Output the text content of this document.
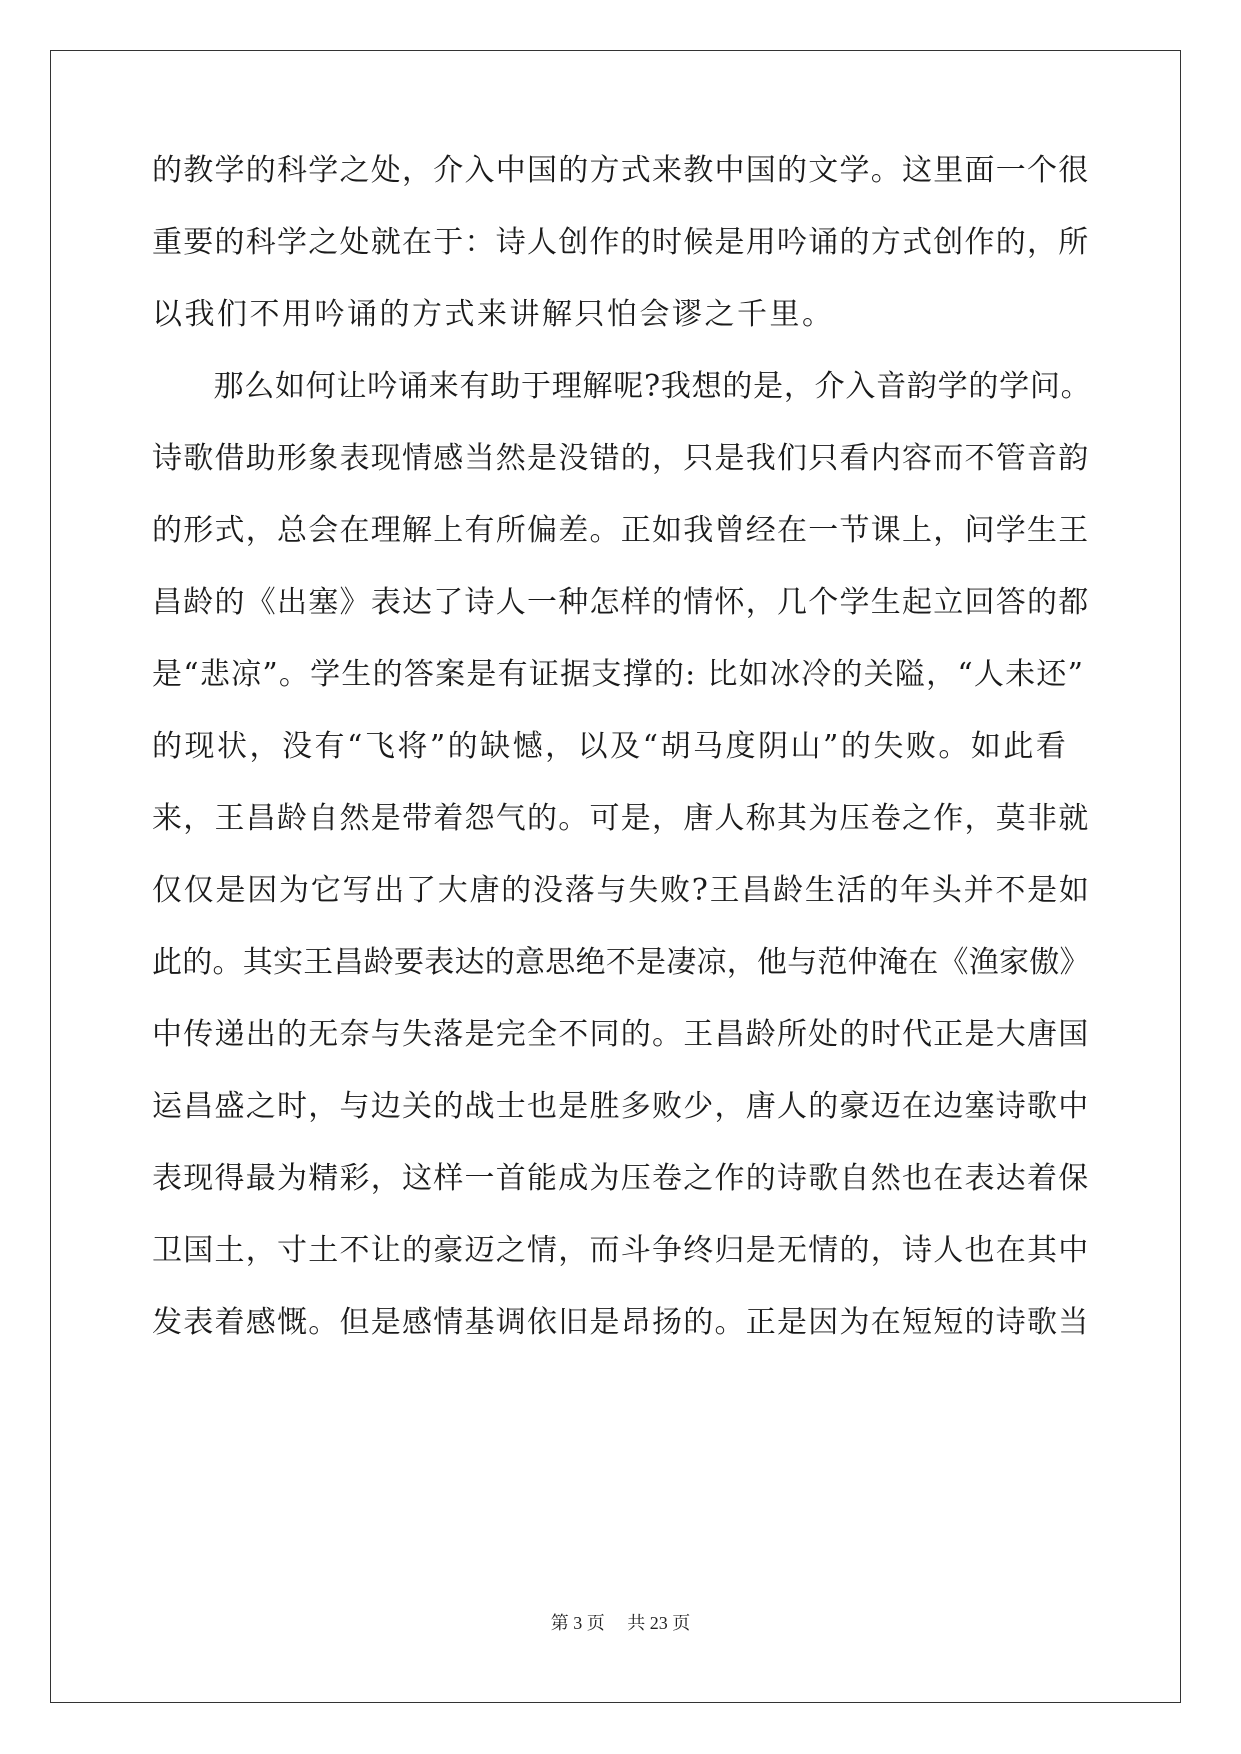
的教学的科学之处，介入中国的方式来教中国的文学。这里面一个很
重要的科学之处就在于：诗人创作的时候是用吟诵的方式创作的，所
以我们不用吟诵的方式来讲解只怕会谬之千里。
　　那么如何让吟诵来有助于理解呢?我想的是，介入音韵学的学问。
诗歌借助形象表现情感当然是没错的，只是我们只看内容而不管音韵
的形式，总会在理解上有所偏差。正如我曾经在一节课上，问学生王
昌龄的《出塞》表达了诗人一种怎样的情怀，几个学生起立回答的都
是“悲凉”。学生的答案是有证据支撑的: 比如冰冷的关隘，“人未还”
的现状，没有“飞将”的缺憾，以及“胡马度阴山”的失败。如此看
来，王昌龄自然是带着怨气的。可是，唐人称其为压卷之作，莫非就
仅仅是因为它写出了大唐的没落与失败?王昌龄生活的年头并不是如
此的。其实王昌龄要表达的意思绝不是凄凉，他与范仲淹在《渔家傲》
中传递出的无奈与失落是完全不同的。王昌龄所处的时代正是大唐国
运昌盛之时，与边关的战士也是胜多败少，唐人的豪迈在边塞诗歌中
表现得最为精彩，这样一首能成为压卷之作的诗歌自然也在表达着保
卫国土，寸土不让的豪迈之情，而斗争终归是无情的，诗人也在其中
发表着感慨。但是感情基调依旧是昂扬的。正是因为在短短的诗歌当
第 3 页　 共 23 页
